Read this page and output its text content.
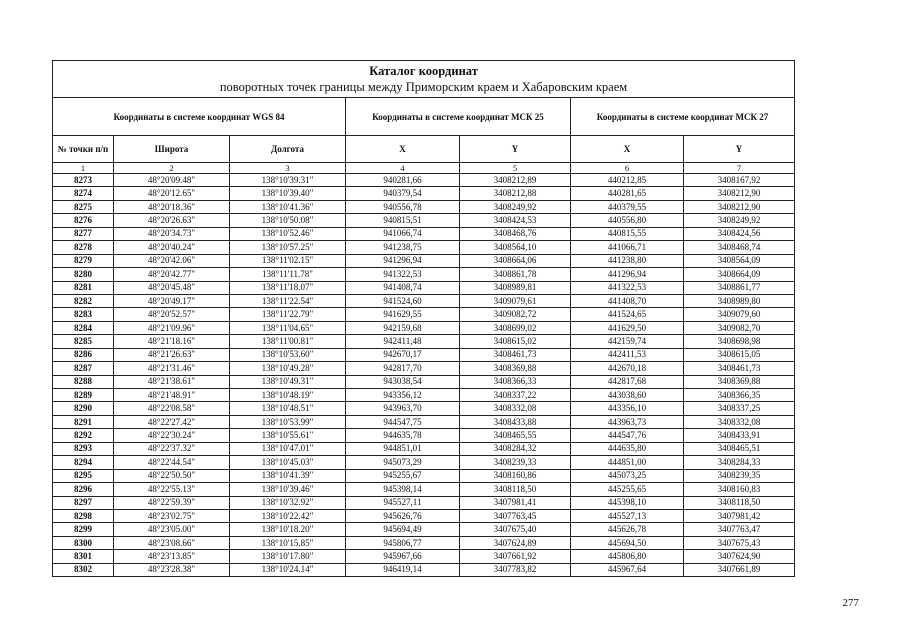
Каталог координат
поворотных точек границы между Приморским краем и Хабаровским краем						

Координаты в системе координат WGS 84			Координаты в системе координат МСК 25		Координаты в системе координат МСК 27	
№ точки п/п	Широта	Долгота	X	Y	X	Y
1	2	3	4	5	6	7
8273	48°20'09.48"	138°10'39.31"	940281,66	3408212,89	440212,85	3408167,92
8274	48°20'12.65"	138°10'39.40"	940379,54	3408212,88	440281,65	3408212,90
8275	48°20'18.36"	138°10'41.36"	940556,78	3408249,92	440379,55	3408212,90
8276	48°20'26.63"	138°10'50.08"	940815,51	3408424,53	440556,80	3408249,92
8277	48°20'34.73"	138°10'52.46"	941066,74	3408468,76	440815,55	3408424,56
8278	48°20'40.24"	138°10'57.25"	941238,75	3408564,10	441066,71	3408468,74
8279	48°20'42.06"	138°11'02.15"	941296,94	3408664,06	441238,80	3408564,09
8280	48°20'42.77"	138°11'11.78"	941322,53	3408861,78	441296,94	3408664,09
8281	48°20'45.48"	138°11'18.07"	941408,74	3408989,81	441322,53	3408861,77
8282	48°20'49.17"	138°11'22.54"	941524,60	3409079,61	441408,70	3408989,80
8283	48°20'52.57"	138°11'22.79"	941629,55	3409082,72	441524,65	3409079,60
8284	48°21'09.96"	138°11'04.65"	942159,68	3408699,02	441629,50	3409082,70
8285	48°21'18.16"	138°11'00.81"	942411,48	3408615,02	442159,74	3408698,98
8286	48°21'26.63"	138°10'53.60"	942670,17	3408461,73	442411,53	3408615,05
8287	48°21'31.46"	138°10'49.28"	942817,70	3408369,88	442670,18	3408461,73
8288	48°21'38.61"	138°10'49.31"	943038,54	3408366,33	442817,68	3408369,88
8289	48°21'48.91"	138°10'48.19"	943356,12	3408337,22	443038,60	3408366,35
8290	48°22'08.58"	138°10'48.51"	943963,70	3408332,08	443356,10	3408337,25
8291	48°22'27.42"	138°10'53.99"	944547,75	3408433,88	443963,73	3408332,08
8292	48°22'30.24"	138°10'55.61"	944635,78	3408465,55	444547,76	3408433,91
8293	48°22'37.32"	138°10'47.01"	944851,01	3408284,32	444635,80	3408465,51
8294	48°22'44.54"	138°10'45.03"	945073,29	3408239,33	444851,00	3408284,33
8295	48°22'50.50"	138°10'41.39"	945255,67	3408160,86	445073,25	3408239,35
8296	48°22'55.13"	138°10'39.46"	945398,14	3408118,50	445255,65	3408160,83
8297	48°22'59.39"	138°10'32.92"	945527,11	3407981,41	445398,10	3408118,50
8298	48°23'02.75"	138°10'22.42"	945626,76	3407763,45	445527,13	3407981,42
8299	48°23'05.00"	138°10'18.20"	945694,49	3407675,40	445626,78	3407763,47
8300	48°23'08.66"	138°10'15.85"	945806,77	3407624,89	445694,50	3407675,43
8301	48°23'13.85"	138°10'17.80"	945967,66	3407661,92	445806,80	3407624,90
8302	48°23'28.38"	138°10'24.14"	946419,14	3407783,82	445967,64	3407661,89
277
